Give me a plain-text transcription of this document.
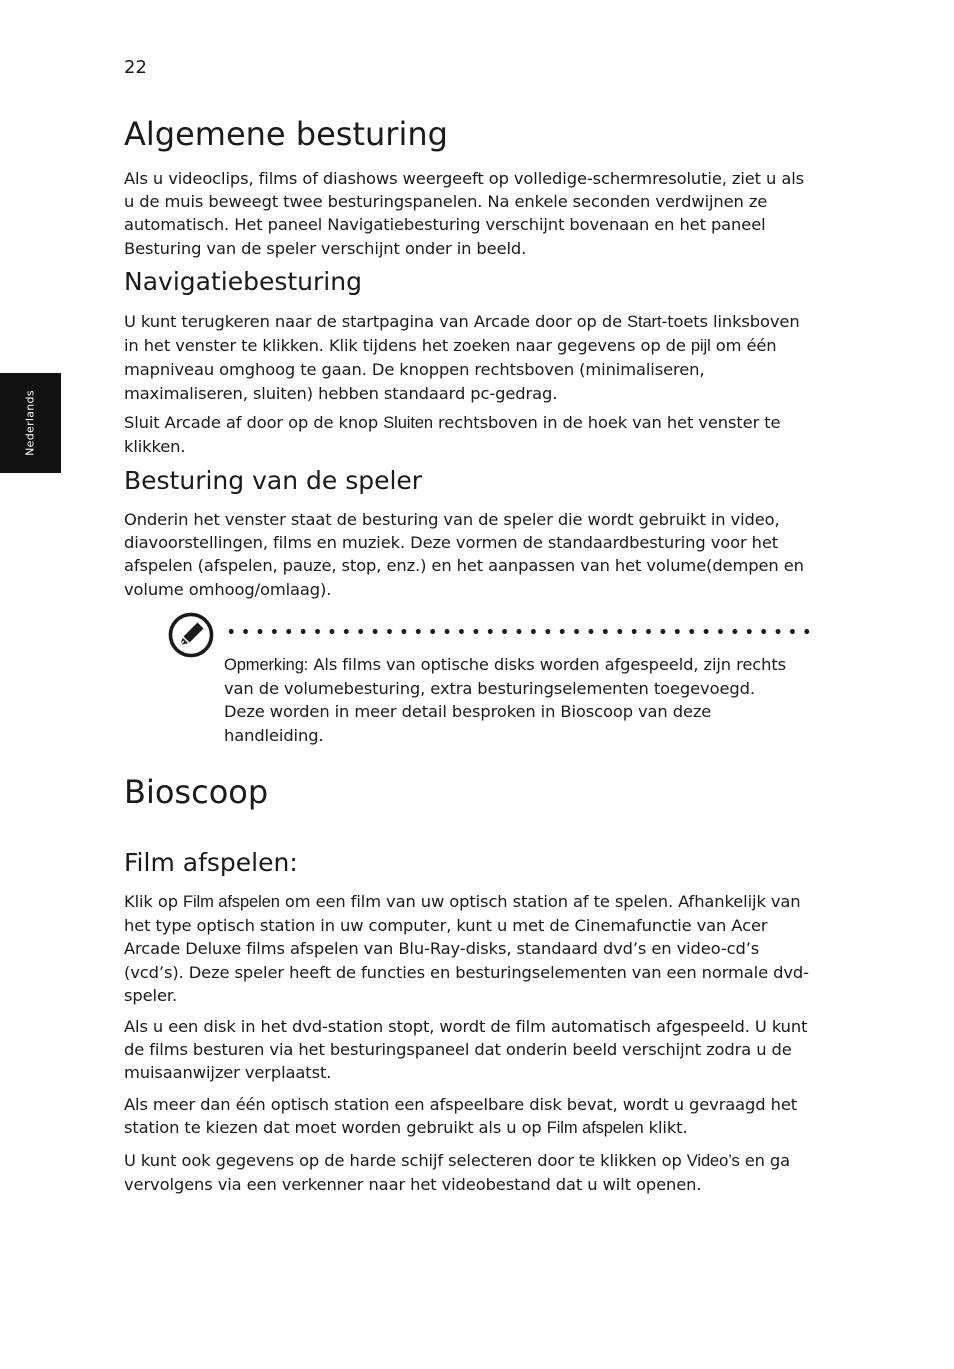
22
Nederlands
Algemene besturing

Als u videoclips, films of diashows weergeeft op volledige-schermresolutie, ziet u als u de muis beweegt twee besturingspanelen. Na enkele seconden verdwijnen ze automatisch. Het paneel Navigatiebesturing verschijnt bovenaan en het paneel Besturing van de speler verschijnt onder in beeld.

Navigatiebesturing

U kunt terugkeren naar de startpagina van Arcade door op de Start-toets linksboven in het venster te klikken. Klik tijdens het zoeken naar gegevens op de pijl om één mapniveau omghoog te gaan. De knoppen rechtsboven (minimaliseren, maximaliseren, sluiten) hebben standaard pc-gedrag.

Sluit Arcade af door op de knop Sluiten rechtsboven in de hoek van het venster te klikken.

Besturing van de speler

Onderin het venster staat de besturing van de speler die wordt gebruikt in video, diavoorstellingen, films en muziek. Deze vormen de standaardbesturing voor het afspelen (afspelen, pauze, stop, enz.) en het aanpassen van het volume(dempen en volume omhoog/omlaag).

Bioscoop
Film afspelen:

Klik op Film afspelen om een film van uw optisch station af te spelen. Afhankelijk van het type optisch station in uw computer, kunt u met de Cinemafunctie van Acer Arcade Deluxe films afspelen van Blu-Ray-disks, standaard dvd’s en video-cd’s (vcd’s). Deze speler heeft de functies en besturingselementen van een normale dvd-speler.

Als u een disk in het dvd-station stopt, wordt de film automatisch afgespeeld. U kunt de films besturen via het besturingspaneel dat onderin beeld verschijnt zodra u de muisaanwijzer verplaatst.

Als meer dan één optisch station een afspeelbare disk bevat, wordt u gevraagd het station te kiezen dat moet worden gebruikt als u op Film afspelen klikt.

U kunt ook gegevens op de harde schijf selecteren door te klikken op Video’s en ga vervolgens via een verkenner naar het videobestand dat u wilt openen.

Opmerking: Als films van optische disks worden afgespeeld, zijn rechts van de volumebesturing, extra besturingselementen toegevoegd. Deze worden in meer detail besproken in Bioscoop van deze handleiding.
